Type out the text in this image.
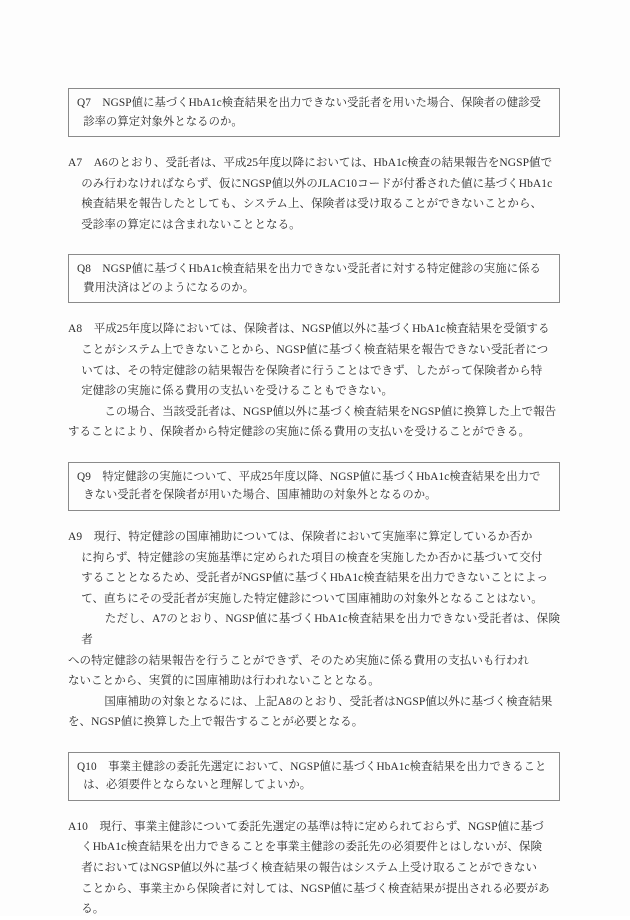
Q7　NGSP値に基づくHbA1c検査結果を出力できない受託者を用いた場合、保険者の健診受

診率の算定対象外となるのか。

A7　A6のとおり、受託者は、平成25年度以降においては、HbA1c検査の結果報告をNGSP値で

のみ行わなければならず、仮にNGSP値以外のJLAC10コードが付番された値に基づくHbA1c

検査結果を報告したとしても、システム上、保険者は受け取ることができないことから、

受診率の算定には含まれないこととなる。

Q8　NGSP値に基づくHbA1c検査結果を出力できない受託者に対する特定健診の実施に係る

費用決済はどのようになるのか。

A8　平成25年度以降においては、保険者は、NGSP値以外に基づくHbA1c検査結果を受領する

ことがシステム上できないことから、NGSP値に基づく検査結果を報告できない受託者につ

いては、その特定健診の結果報告を保険者に行うことはできず、したがって保険者から特

定健診の実施に係る費用の支払いを受けることもできない。

　　この場合、当該受託者は、NGSP値以外に基づく検査結果をNGSP値に換算した上で報告

することにより、保険者から特定健診の実施に係る費用の支払いを受けることができる。

Q9　特定健診の実施について、平成25年度以降、NGSP値に基づくHbA1c検査結果を出力で

きない受託者を保険者が用いた場合、国庫補助の対象外となるのか。

A9　現行、特定健診の国庫補助については、保険者において実施率に算定しているか否か

に拘らず、特定健診の実施基準に定められた項目の検査を実施したか否かに基づいて交付

することとなるため、受託者がNGSP値に基づくHbA1c検査結果を出力できないことによっ

て、直ちにその受託者が実施した特定健診について国庫補助の対象外となることはない。

　　ただし、A7のとおり、NGSP値に基づくHbA1c検査結果を出力できない受託者は、保険者

への特定健診の結果報告を行うことができず、そのため実施に係る費用の支払いも行われ

ないことから、実質的に国庫補助は行われないこととなる。

　　国庫補助の対象となるには、上記A8のとおり、受託者はNGSP値以外に基づく検査結果

を、NGSP値に換算した上で報告することが必要となる。

Q10　事業主健診の委託先選定において、NGSP値に基づくHbA1c検査結果を出力できること

は、必須要件とならないと理解してよいか。

A10　現行、事業主健診について委託先選定の基準は特に定められておらず、NGSP値に基づ

くHbA1c検査結果を出力できることを事業主健診の委託先の必須要件とはしないが、保険

者においてはNGSP値以外に基づく検査結果の報告はシステム上受け取ることができない

ことから、事業主から保険者に対しては、NGSP値に基づく検査結果が提出される必要があ

る。
